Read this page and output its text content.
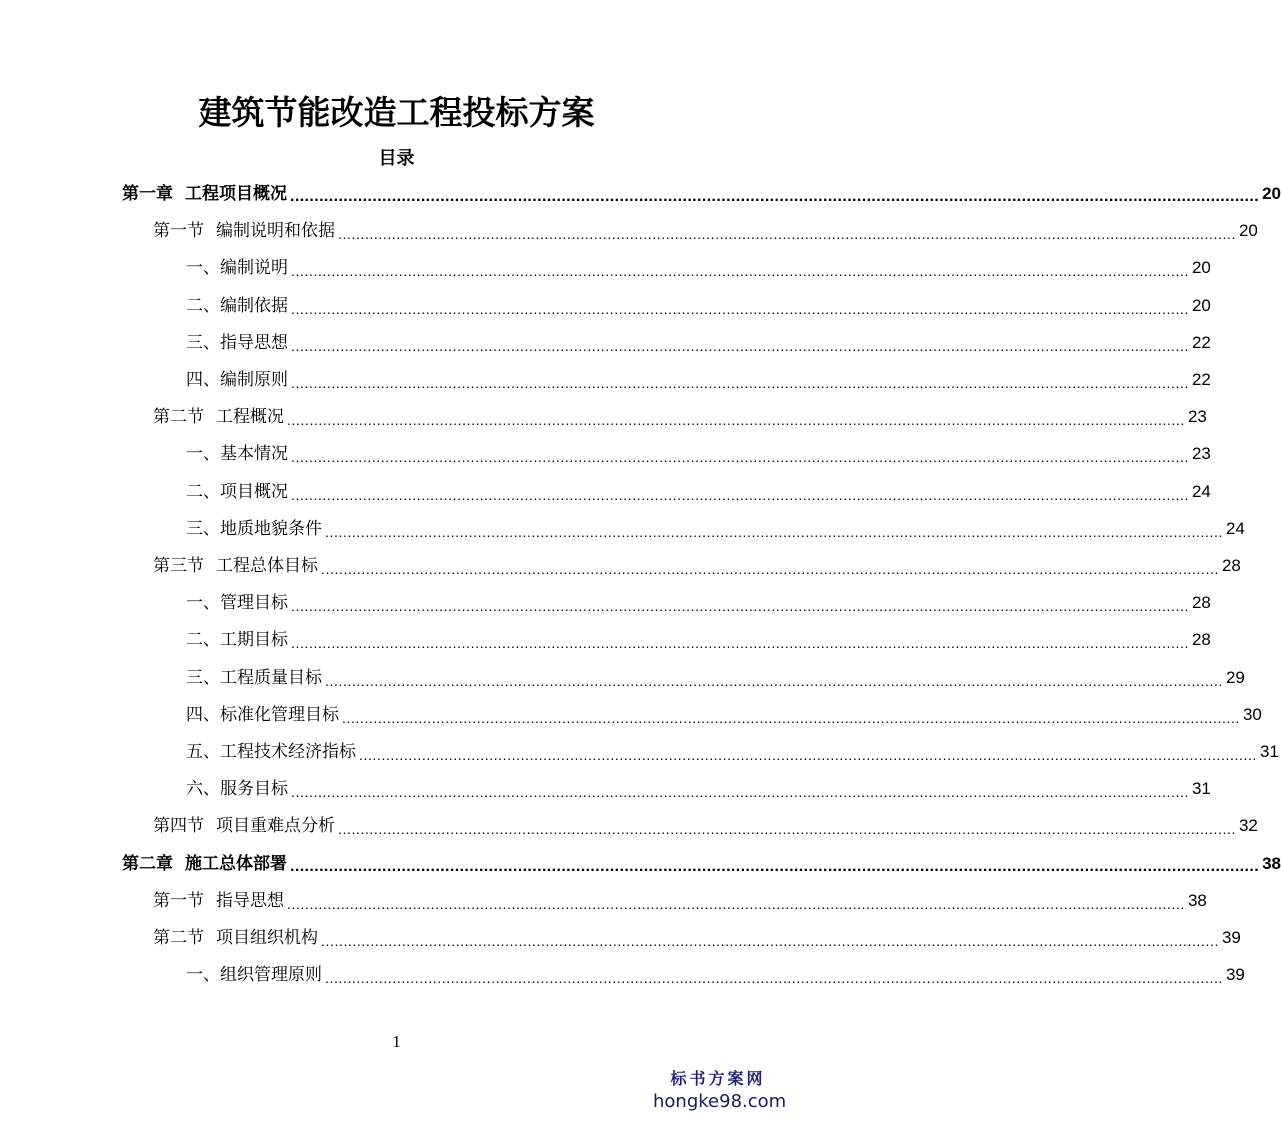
建筑节能改造工程投标方案
目录
第一章 工程项目概况 ........................................................................................................................................................................................................ 20
第一节 编制说明和依据 ........................................................................................................................................................................................................ 20
一、编制说明 ........................................................................................................................................................................................................ 20
二、编制依据 ........................................................................................................................................................................................................ 20
三、指导思想 ........................................................................................................................................................................................................ 22
四、编制原则 ........................................................................................................................................................................................................ 22
第二节 工程概况 ........................................................................................................................................................................................................ 23
一、基本情况 ........................................................................................................................................................................................................ 23
二、项目概况 ........................................................................................................................................................................................................ 24
三、地质地貌条件 ........................................................................................................................................................................................................ 24
第三节 工程总体目标 ........................................................................................................................................................................................................ 28
一、管理目标 ........................................................................................................................................................................................................ 28
二、工期目标 ........................................................................................................................................................................................................ 28
三、工程质量目标 ........................................................................................................................................................................................................ 29
四、标准化管理目标 ........................................................................................................................................................................................................ 30
五、工程技术经济指标 ........................................................................................................................................................................................................ 31
六、服务目标 ........................................................................................................................................................................................................ 31
第四节 项目重难点分析 ........................................................................................................................................................................................................ 32
第二章 施工总体部署 ........................................................................................................................................................................................................ 38
第一节 指导思想 ........................................................................................................................................................................................................ 38
第二节 项目组织机构 ........................................................................................................................................................................................................ 39
一、组织管理原则 ........................................................................................................................................................................................................ 39
1
标书方案网
hongke98.com
